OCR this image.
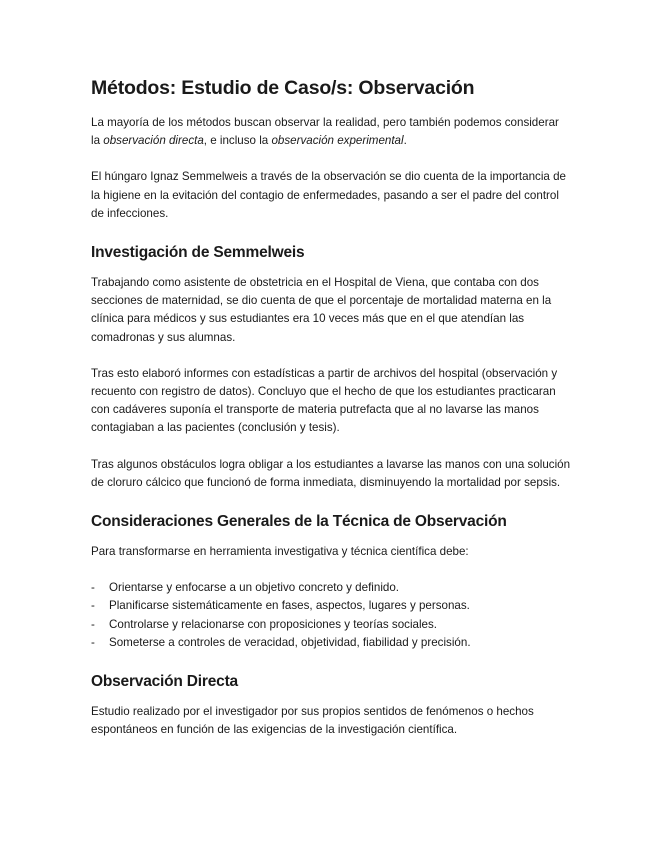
Métodos: Estudio de Caso/s: Observación

La mayoría de los métodos buscan observar la realidad, pero también podemos considerar la observación directa, e incluso la observación experimental.

El húngaro Ignaz Semmelweis a través de la observación se dio cuenta de la importancia de la higiene en la evitación del contagio de enfermedades, pasando a ser el padre del control de infecciones.

Investigación de Semmelweis

Trabajando como asistente de obstetricia en el Hospital de Viena, que contaba con dos secciones de maternidad, se dio cuenta de que el porcentaje de mortalidad materna en la clínica para médicos y sus estudiantes era 10 veces más que en el que atendían las comadronas y sus alumnas.

Tras esto elaboró informes con estadísticas a partir de archivos del hospital (observación y recuento con registro de datos). Concluyo que el hecho de que los estudiantes practicaran con cadáveres suponía el transporte de materia putrefacta que al no lavarse las manos contagiaban a las pacientes (conclusión y tesis).

Tras algunos obstáculos logra obligar a los estudiantes a lavarse las manos con una solución de cloruro cálcico que funcionó de forma inmediata, disminuyendo la mortalidad por sepsis.

Consideraciones Generales de la Técnica de Observación

Para transformarse en herramienta investigativa y técnica científica debe:

- Orientarse y enfocarse a un objetivo concreto y definido.
- Planificarse sistemáticamente en fases, aspectos, lugares y personas.
- Controlarse y relacionarse con proposiciones y teorías sociales.
- Someterse a controles de veracidad, objetividad, fiabilidad y precisión.
Observación Directa

Estudio realizado por el investigador por sus propios sentidos de fenómenos o hechos espontáneos en función de las exigencias de la investigación científica.
